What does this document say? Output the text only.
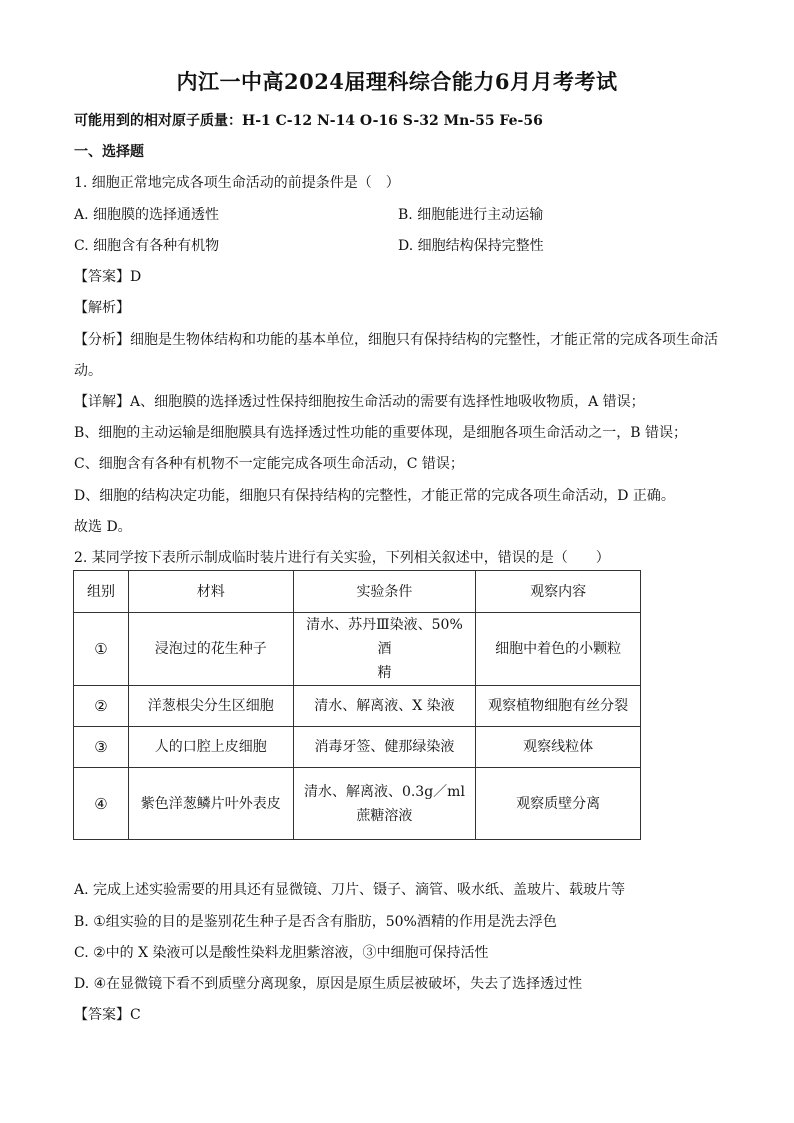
内江一中高2024届理科综合能力6月月考考试
可能用到的相对原子质量：H-1 C-12 N-14 O-16 S-32 Mn-55 Fe-56
一、选择题
1. 细胞正常地完成各项生命活动的前提条件是（　）
A. 细胞膜的选择通透性	B. 细胞能进行主动运输
C. 细胞含有各种有机物	D. 细胞结构保持完整性
【答案】D
【解析】
【分析】细胞是生物体结构和功能的基本单位，细胞只有保持结构的完整性，才能正常的完成各项生命活
动。
【详解】A、细胞膜的选择透过性保持细胞按生命活动的需要有选择性地吸收物质，A 错误；
B、细胞的主动运输是细胞膜具有选择透过性功能的重要体现，是细胞各项生命活动之一，B 错误；
C、细胞含有各种有机物不一定能完成各项生命活动，C 错误；
D、细胞的结构决定功能，细胞只有保持结构的完整性，才能正常的完成各项生命活动，D 正确。
故选 D。
2. 某同学按下表所示制成临时装片进行有关实验，下列相关叙述中，错误的是（　　）
组别	材料	实验条件	观察内容
①	浸泡过的花生种子	清水、苏丹Ⅲ染液、50%酒
精	细胞中着色的小颗粒
②	洋葱根尖分生区细胞	清水、解离液、X 染液	观察植物细胞有丝分裂
③	人的口腔上皮细胞	消毒牙签、健那绿染液	观察线粒体
④	紫色洋葱鳞片叶外表皮	清水、解离液、0.3g／ml
蔗糖溶液	观察质壁分离
A. 完成上述实验需要的用具还有显微镜、刀片、镊子、滴管、吸水纸、盖玻片、载玻片等
B. ①组实验的目的是鉴别花生种子是否含有脂肪，50%酒精的作用是洗去浮色
C. ②中的 X 染液可以是酸性染料龙胆紫溶液，③中细胞可保持活性
D. ④在显微镜下看不到质壁分离现象，原因是原生质层被破坏，失去了选择透过性
【答案】C
